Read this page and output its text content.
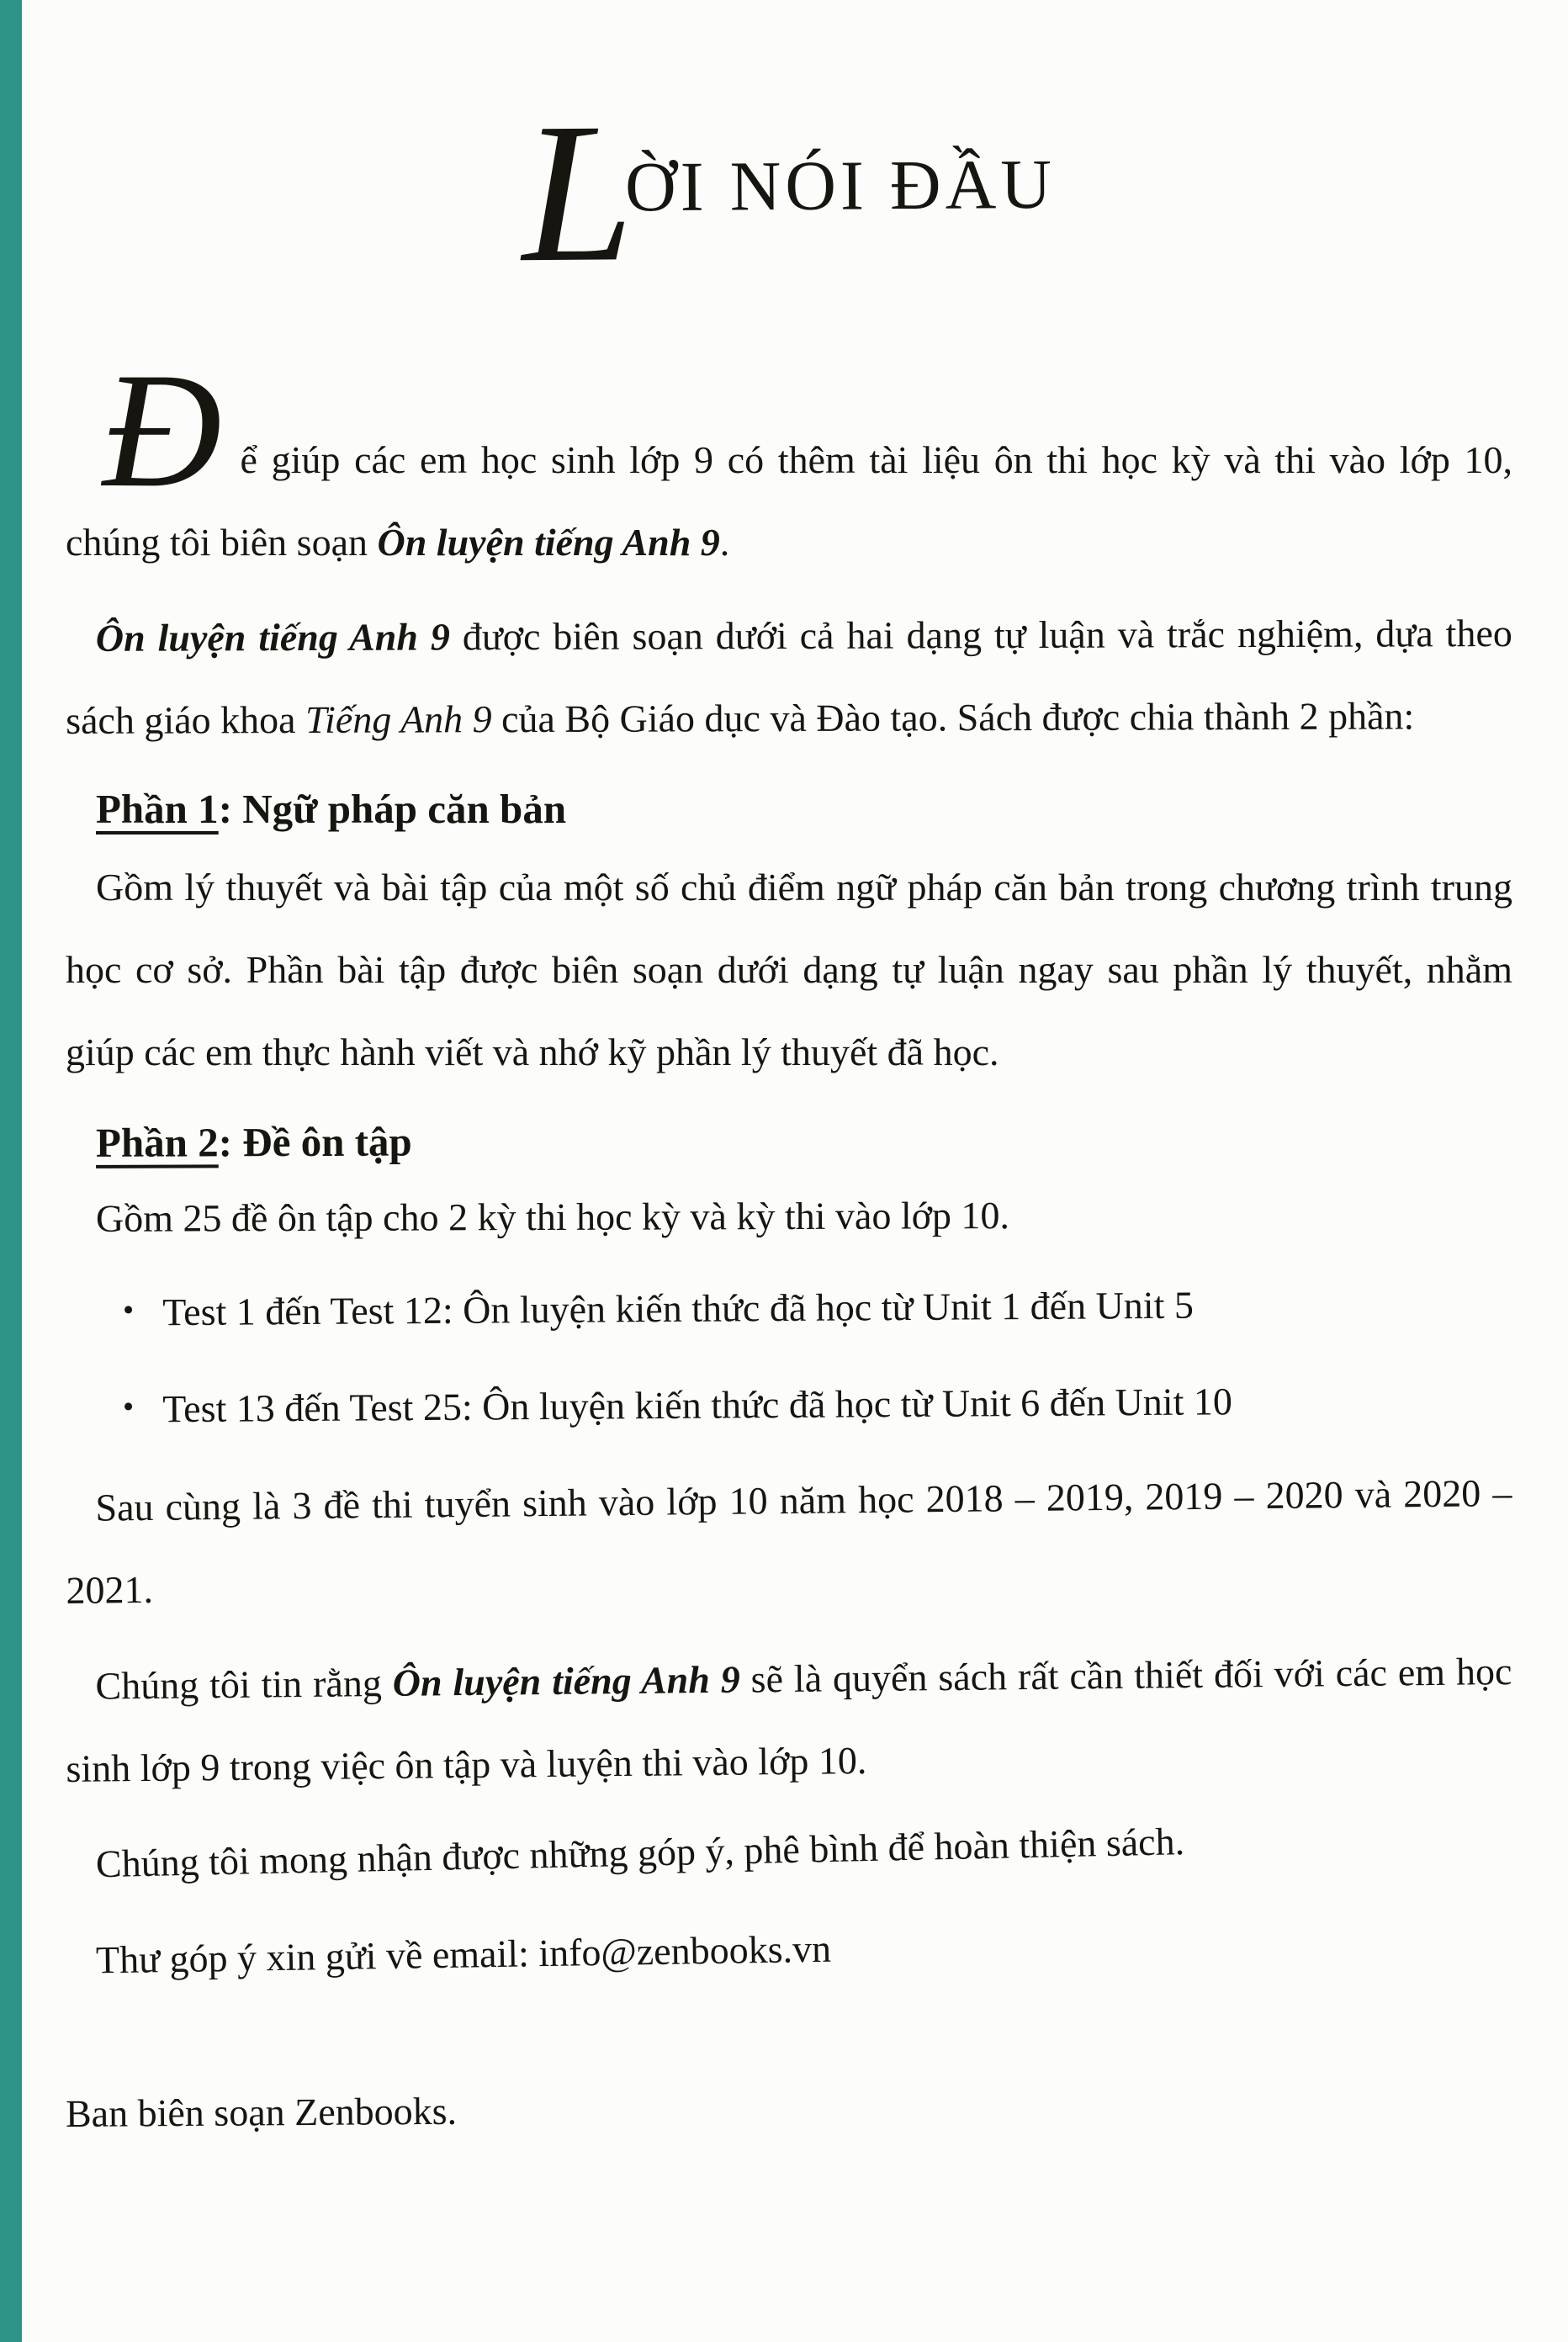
LỜI NÓI ĐẦU

Để giúp các em học sinh lớp 9 có thêm tài liệu ôn thi học kỳ và thi vào lớp 10, chúng tôi biên soạn Ôn luyện tiếng Anh 9.

Ôn luyện tiếng Anh 9 được biên soạn dưới cả hai dạng tự luận và trắc nghiệm, dựa theo sách giáo khoa Tiếng Anh 9 của Bộ Giáo dục và Đào tạo. Sách được chia thành 2 phần:

Phần 1: Ngữ pháp căn bản

Gồm lý thuyết và bài tập của một số chủ điểm ngữ pháp căn bản trong chương trình trung học cơ sở. Phần bài tập được biên soạn dưới dạng tự luận ngay sau phần lý thuyết, nhằm giúp các em thực hành viết và nhớ kỹ phần lý thuyết đã học.

Phần 2: Đề ôn tập

Gồm 25 đề ôn tập cho 2 kỳ thi học kỳ và kỳ thi vào lớp 10.

• Test 1 đến Test 12: Ôn luyện kiến thức đã học từ Unit 1 đến Unit 5
• Test 13 đến Test 25: Ôn luyện kiến thức đã học từ Unit 6 đến Unit 10

Sau cùng là 3 đề thi tuyển sinh vào lớp 10 năm học 2018 – 2019, 2019 – 2020 và 2020 – 2021.

Chúng tôi tin rằng Ôn luyện tiếng Anh 9 sẽ là quyển sách rất cần thiết đối với các em học sinh lớp 9 trong việc ôn tập và luyện thi vào lớp 10.

Chúng tôi mong nhận được những góp ý, phê bình để hoàn thiện sách.

Thư góp ý xin gửi về email: info@zenbooks.vn

Ban biên soạn Zenbooks.
